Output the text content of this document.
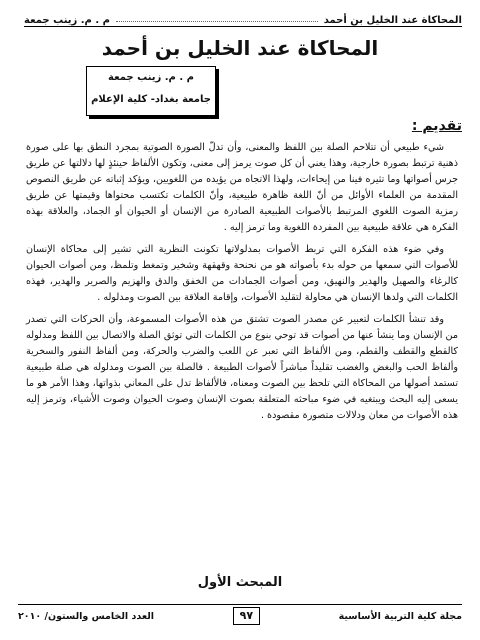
المحاكاة عند الخليل بن أحمد
م . م. زينب جمعة
المحاكاة عند الخليل بن أحمد
م . م. زينب جمعة
جامعة بغداد- كلية الإعلام
تقديم :

شيء طبيعي أن تتلاحم الصلة بين اللفظ والمعنى، وأن تدلّ الصورة الصوتية بمجرد النطق بها على صورة ذهنية ترتبط بصورة خارجية، وهذا يعني أن كل صوت يرمز إلى معنى، وتكون الألفاظ حينئذٍ لها دلالتها عن طريق جرس أصواتها وما تثيره فينا من إيحاءات، ولهذا الاتجاه من يؤيده من اللغويين، ويؤكد إثباته عن طريق النصوص المقدمة من العلماء الأوائل من أنّ اللغة ظاهرة طبيعية، وأنّ الكلمات تكتسب محتواها وقيمتها عن طريق رمزية الصوت اللغوي المرتبط بالأصوات الطبيعية الصادرة من الإنسان أو الحيوان أو الجماد، والعلاقة بهذه الفكرة هي علاقة طبيعية بين المفردة اللغوية وما ترمز إليه .

وفي ضوء هذه الفكرة التي تربط الأصوات بمدلولاتها تكونت النظرية التي تشير إلى محاكاة الإنسان للأصوات التي سمعها من حوله بدء بأصواته هو من نحنحة وقهقهة وشخير وتمغط وتلمظ، ومن أصوات الحيوان كالرغاء والصهيل والهدير والنهيق، ومن أصوات الجمادات من الخفق والدق والهزيم والصرير والهدير، فهذه الكلمات التي ولدها الإنسان هي محاولة لتقليد الأصوات، وإقامة العلاقة بين الصوت ومدلوله .

وقد تنشأ الكلمات لتعبير عن مصدر الصوت تشتق من هذه الأصوات المسموعة، وأن الحركات التي تصدر من الإنسان وما ينشأ عنها من أصوات قد توحي بنوع من الكلمات التي توثق الصلة والاتصال بين اللفظ ومدلوله كالقطع والقطف والقطم، ومن الألفاظ التي تعبر عن اللعب والضرب والحركة، ومن ألفاظ النفور والسخرية وألفاظ الحب والبغض والغضب تقليداً مباشراً لأصوات الطبيعة . فالصلة بين الصوت ومدلوله هي صلة طبيعية تستمد أصولها من المحاكاة التي تلحظ بين الصوت ومعناه، فالألفاظ تدل على المعاني بذواتها، وهذا الأمر هو ما يسعى إليه البحث ويبتغيه في ضوء مباحثه المتعلقة بصوت الإنسان وصوت الحيوان وصوت الأشياء، وترمز إليه هذه الأصوات من معان ودلالات متصورة مقصودة .

المبحث الأول
مجلة كلية التربية الأساسية
٩٧
العدد الخامس والستون/ ٢٠١٠
